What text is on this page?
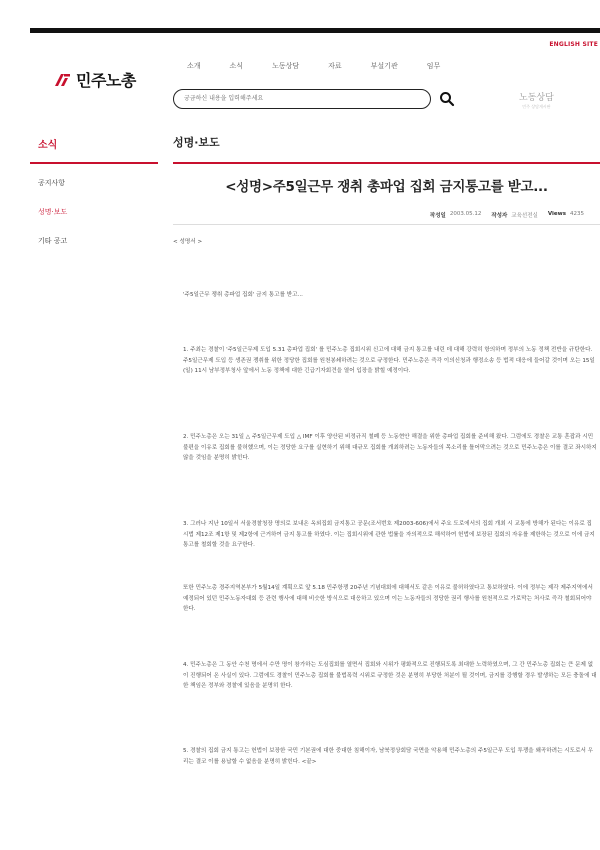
ENGLISH SITE
민주노총
소개	소식	노동상담	자료	부설기관	임무
궁금하신 내용을 입력해주세요
노동상담
민주 상담게시판
소식	성명·보도
공지사항
성명·보도
기타 공고
<성명>주5일근무 쟁취 총파업 집회 금지통고를 받고...
작성일 2003.05.12 작성자 교육선전실 Views 4235

< 성명서 >

'주5일근무 쟁취 총파업 집회' 금지 통고를 받고...

1. 주최는 경찰이 '주5일근무제 도입 5.31 총파업 집회' 를 민주노총 집회시위 신고에 대해 금지 통고를 내린 데 대해 강력히 항의하며 정부의 노동 정책 전반을 규탄한다. 주5일근무제 도입 등 생존권 쟁취를 위한 정당한 집회를 원천봉쇄하려는 것으로 규정한다. 민주노총은 즉각 이의신청과 행정소송 등 법적 대응에 들어갈 것이며 오는 15일(일) 11시 남부정부청사 앞에서 노동 정책에 대한 긴급기자회견을 열어 입장을 밝힐 예정이다.

2. 민주노총은 오는 31일 △ 주5일근무제 도입 △ IMF 이후 양산된 비정규직 철폐 등 노동현안 해결을 위한 총파업 집회를 준비해 왔다. 그럼에도 경찰은 교통 혼잡과 시민 불편을 이유로 집회를 불허했으며, 이는 정당한 요구를 실현하기 위해 대규모 집회를 개최하려는 노동자들의 목소리를 틀어막으려는 것으로 민주노총은 이를 결코 좌시하지 않을 것임을 분명히 밝힌다.

3. 그러나 지난 10일서 서울경찰청장 명의로 보내온 옥외집회 금지통고 공문(조서번호 제2003-606)에서 주요 도로에서의 집회 개최 시 교통에 방해가 된다는 이유로 집시법 제12조 제1항 및 제2항에 근거하여 금지 통고를 하였다. 이는 집회시위에 관한 법률을 자의적으로 해석하여 헌법에 보장된 집회의 자유를 제한하는 것으로 이에 금지통고를 철회할 것을 요구한다.

또한 민주노총 경주지역본부가 5월14일 계획으로 앞 5.18 민주항쟁 20주년 기념대회에 대해서도 같은 이유로 불허하였다고 통보하였다. 이에 정부는 제각 제주지역에서 예정되어 있던 민주노동자대회 등 관련 행사에 대해 비슷한 방식으로 대응하고 있으며 이는 노동자들의 정당한 권리 행사를 원천적으로 가로막는 처사로 즉각 철회되어야 한다.

4. 민주노총은 그 동안 수천 명에서 수만 명이 참가하는 도심집회를 열면서 집회와 시위가 평화적으로 진행되도록 최대한 노력하였으며, 그 간 민주노총 집회는 큰 문제 없이 진행되어 온 사실이 있다. 그럼에도 경찰이 민주노총 집회를 불법폭력 시위로 규정한 것은 분명히 부당한 처분이 될 것이며, 금지를 강행할 경우 발생하는 모든 충돌에 대한 책임은 정부와 경찰에 있음을 분명히 한다.

5. 경찰의 집회 금지 통고는 헌법이 보장한 국민 기본권에 대한 중대한 침해이자, 남북정상회담 국면을 악용해 민주노총의 주5일근무 도입 투쟁을 왜곡하려는 시도로서 우리는 결코 이를 용납할 수 없음을 분명히 밝힌다. <끝>
